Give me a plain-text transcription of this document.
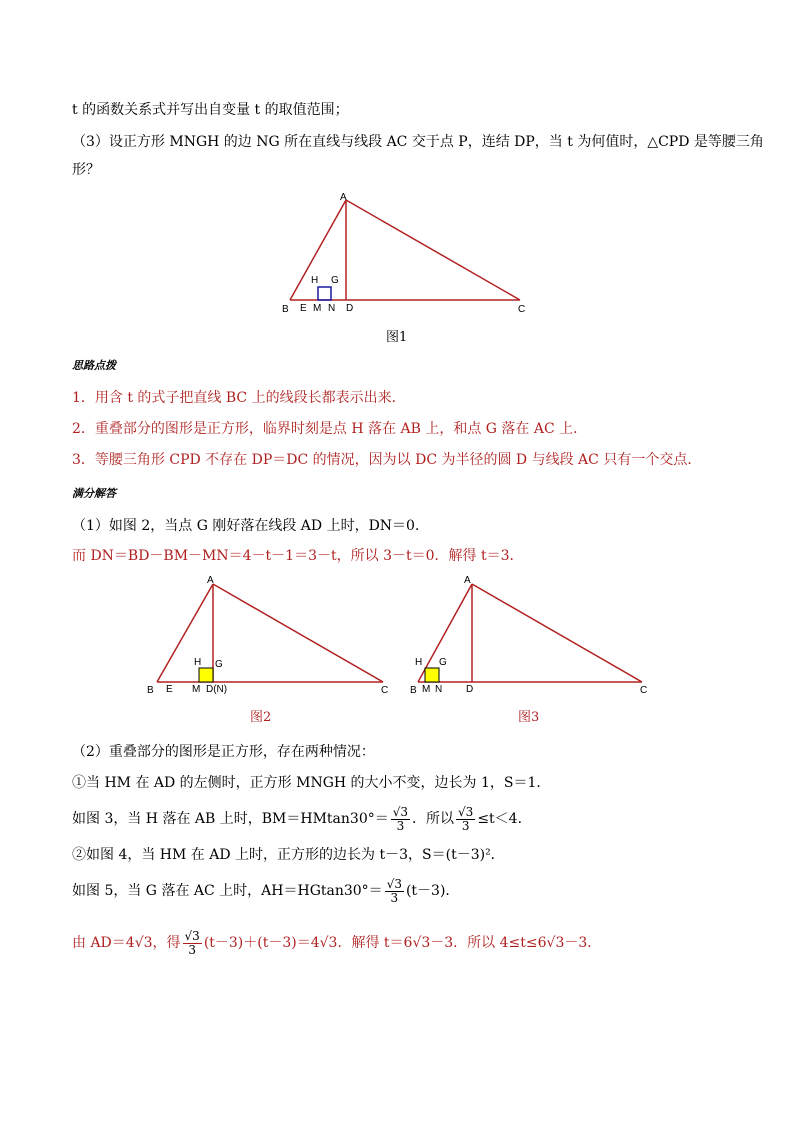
t 的函数关系式并写出自变量 t 的取值范围；
（3）设正方形 MNGH 的边 NG 所在直线与线段 AC 交于点 P，连结 DP，当 t 为何值时，△CPD 是等腰三角
形？
A
B E M N D	C
H G
图1
思路点拨
1．用含 t 的式子把直线 BC 上的线段长都表示出来．
2．重叠部分的图形是正方形，临界时刻是点 H 落在 AB 上，和点 G 落在 AC 上．
3．等腰三角形 CPD 不存在 DP＝DC 的情况，因为以 DC 为半径的圆 D 与线段 AC 只有一个交点．
满分解答
（1）如图 2，当点 G 刚好落在线段 AD 上时，DN＝0．
而 DN＝BD－BM－MN＝4－t－1＝3－t，所以 3－t＝0．解得 t＝3．
A
B E M D(N)	C
H G
图2
A
B M N D	C
H G
图3
（2）重叠部分的图形是正方形，存在两种情况：
①当 HM 在 AD 的左侧时，正方形 MNGH 的大小不变，边长为 1，S＝1．
如图 3，当 H 落在 AB 上时，$BM=HMtan30^\circ= \frac{√3}{3}$ ．所以 $\frac{√3}{3} \le t<4$．
②如图 4，当 HM 在 AD 上时，正方形的边长为 t－3，S＝(t－3)²．
如图 5，当 G 落在 AC 上时，$AH=HGtan30^\circ= \frac{√3}{3} (t-3)$．
由 AD＝4√3，得 $\frac{√3}{3} (t-3)+(t-3)=4√3$．解得 t＝6√3－3．所以 4≤t≤6√3－3．
